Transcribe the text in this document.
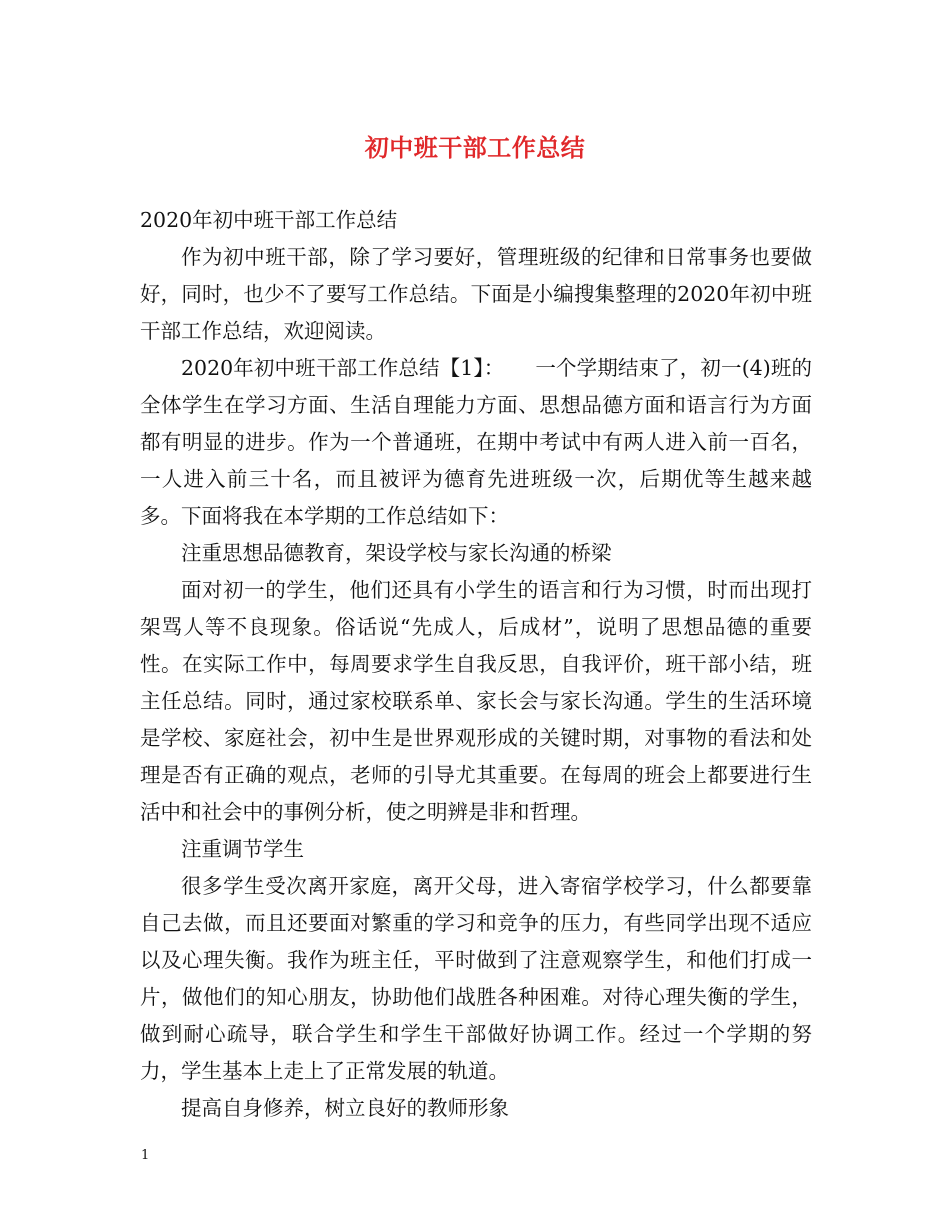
初中班干部工作总结

2020年初中班干部工作总结

作为初中班干部，除了学习要好，管理班级的纪律和日常事务也要做好，同时，也少不了要写工作总结。下面是小编搜集整理的2020年初中班干部工作总结，欢迎阅读。

2020年初中班干部工作总结【1】：　　一个学期结束了，初一(4)班的全体学生在学习方面、生活自理能力方面、思想品德方面和语言行为方面都有明显的进步。作为一个普通班，在期中考试中有两人进入前一百名，一人进入前三十名，而且被评为德育先进班级一次，后期优等生越来越多。下面将我在本学期的工作总结如下：

注重思想品德教育，架设学校与家长沟通的桥梁

面对初一的学生，他们还具有小学生的语言和行为习惯，时而出现打架骂人等不良现象。俗话说“先成人，后成材”，说明了思想品德的重要性。在实际工作中，每周要求学生自我反思，自我评价，班干部小结，班主任总结。同时，通过家校联系单、家长会与家长沟通。学生的生活环境是学校、家庭社会，初中生是世界观形成的关键时期，对事物的看法和处理是否有正确的观点，老师的引导尤其重要。在每周的班会上都要进行生活中和社会中的事例分析，使之明辨是非和哲理。

注重调节学生

很多学生受次离开家庭，离开父母，进入寄宿学校学习，什么都要靠自己去做，而且还要面对繁重的学习和竞争的压力，有些同学出现不适应以及心理失衡。我作为班主任，平时做到了注意观察学生，和他们打成一片，做他们的知心朋友，协助他们战胜各种困难。对待心理失衡的学生，做到耐心疏导，联合学生和学生干部做好协调工作。经过一个学期的努力，学生基本上走上了正常发展的轨道。

提高自身修养，树立良好的教师形象

1
